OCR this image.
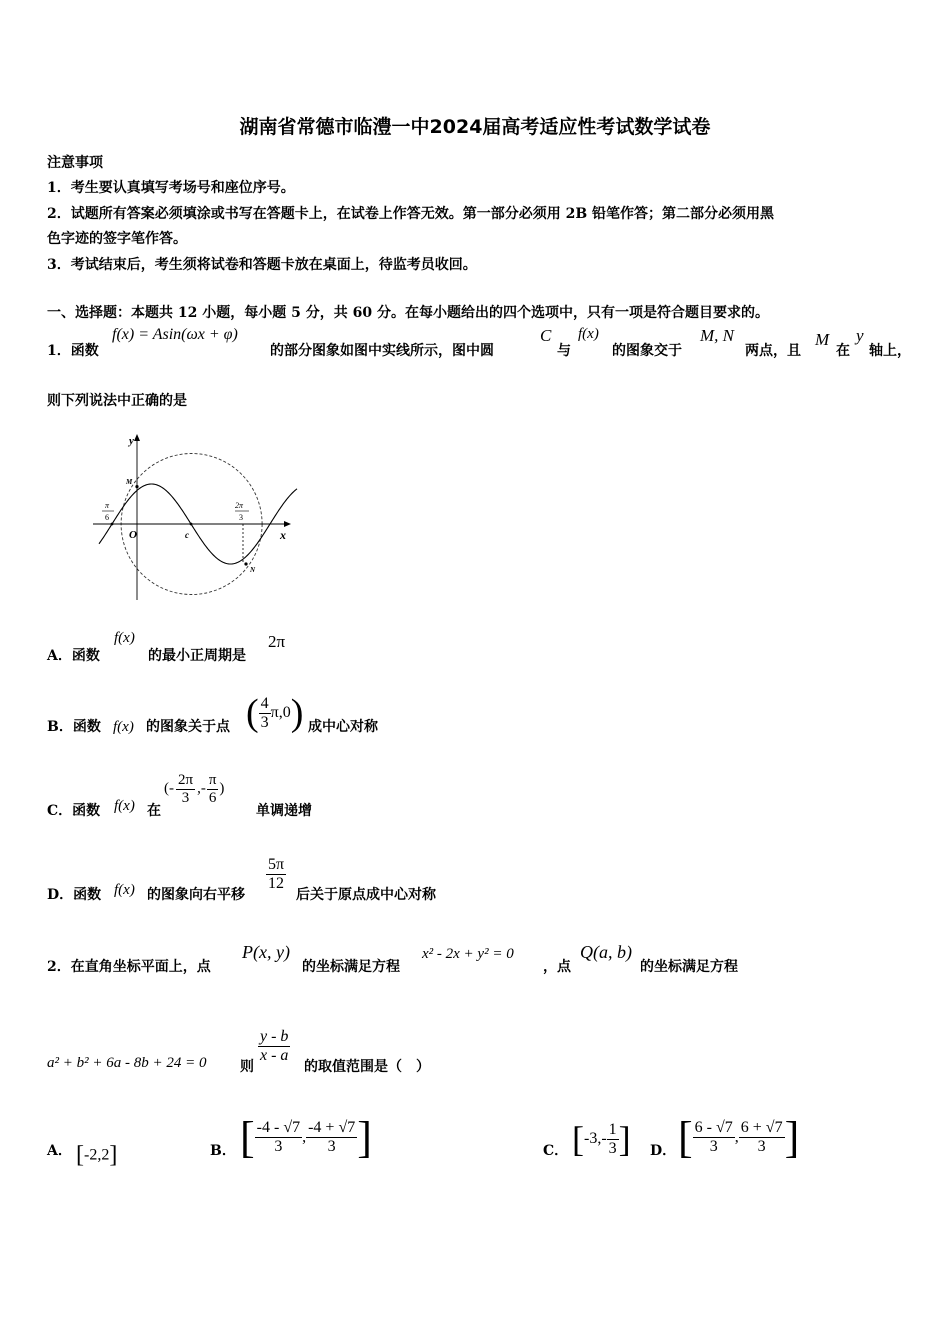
湖南省常德市临澧一中2024届高考适应性考试数学试卷
注意事项
1．考生要认真填写考场号和座位序号。
2．试题所有答案必须填涂或书写在答题卡上，在试卷上作答无效。第一部分必须用 2B 铅笔作答；第二部分必须用黑
色字迹的签字笔作答。
3．考试结束后，考生须将试卷和答题卡放在桌面上，待监考员收回。
一、选择题：本题共 12 小题，每小题 5 分，共 60 分。在每小题给出的四个选项中，只有一项是符合题目要求的。
1．函数
f(x) = Asin(ωx + φ)
的部分图象如图中实线所示，图中圆
C
与
f(x)
的图象交于
M, N
两点，且
M
在
y
轴上，
则下列说法中正确的是
y
x
O	c
M
N
π
6
2π
3
A．函数
f(x)
的最小正周期是
2π
B．函数 f(x) 的图象关于点 ( $\frac{4}{3} \pi,0$) 成中心对称
C．函数 f(x) 在
(- $\frac{2\pi}{3}$ ,- $\frac{\pi}{6}$ )
单调递增
D．函数 f(x) 的图象向右平移
$\frac{5\pi}{12}$
后关于原点成中心对称
2．在直角坐标平面上，点
P(x, y)
的坐标满足方程
x² - 2x + y² = 0
，点
Q(a, b)
的坐标满足方程
a² + b² + 6a - 8b + 24 = 0 则
$\frac{y - b}{x - a}$
的取值范围是（　）
A． [-2,2]	B． [ $\frac{-4 - √7}{3}$ , $\frac{-4 + √7}{3}$ ]	C． [$-3,- \frac{1}{3}$ ] D． [ $\frac{6 - √7}{3}$ , $\frac{6 + √7}{3}$ ]
